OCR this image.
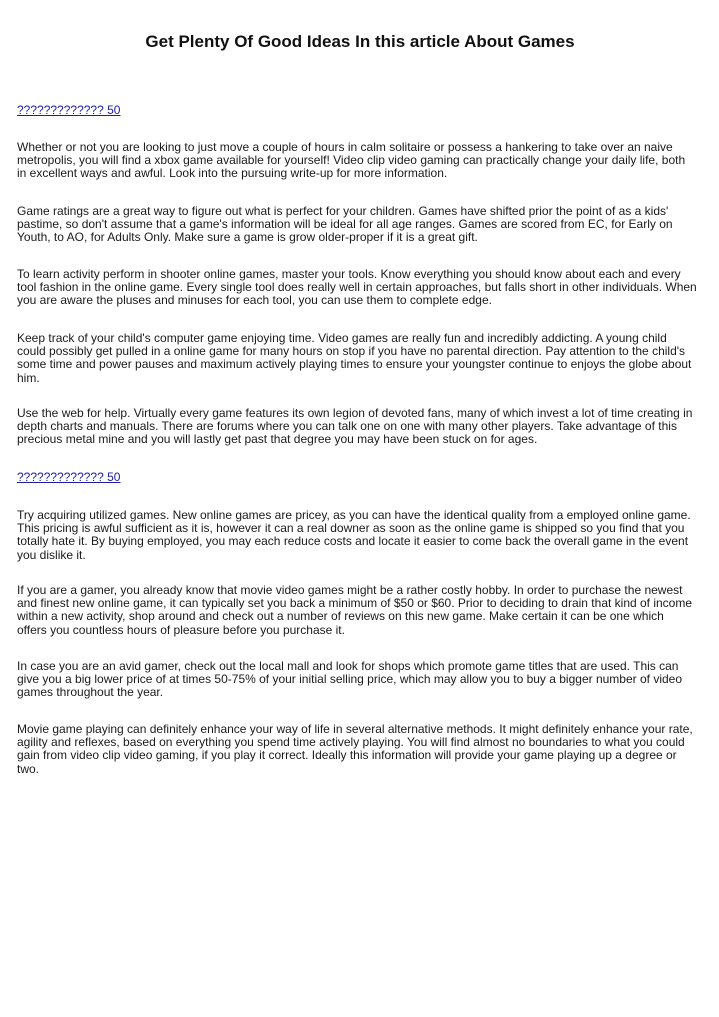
Get Plenty Of Good Ideas In this article About Games
????????????? 50

Whether or not you are looking to just move a couple of hours in calm solitaire or possess a hankering to take over an naive
metropolis, you will find a xbox game available for yourself! Video clip video gaming can practically change your daily life, both
in excellent ways and awful. Look into the pursuing write-up for more information.

Game ratings are a great way to figure out what is perfect for your children. Games have shifted prior the point of as a kids'
pastime, so don't assume that a game's information will be ideal for all age ranges. Games are scored from EC, for Early on
Youth, to AO, for Adults Only. Make sure a game is grow older-proper if it is a great gift.

To learn activity perform in shooter online games, master your tools. Know everything you should know about each and every
tool fashion in the online game. Every single tool does really well in certain approaches, but falls short in other individuals. When
you are aware the pluses and minuses for each tool, you can use them to complete edge.

Keep track of your child's computer game enjoying time. Video games are really fun and incredibly addicting. A young child
could possibly get pulled in a online game for many hours on stop if you have no parental direction. Pay attention to the child's
some time and power pauses and maximum actively playing times to ensure your youngster continue to enjoys the globe about
him.

Use the web for help. Virtually every game features its own legion of devoted fans, many of which invest a lot of time creating in
depth charts and manuals. There are forums where you can talk one on one with many other players. Take advantage of this
precious metal mine and you will lastly get past that degree you may have been stuck on for ages.

????????????? 50

Try acquiring utilized games. New online games are pricey, as you can have the identical quality from a employed online game.
This pricing is awful sufficient as it is, however it can a real downer as soon as the online game is shipped so you find that you
totally hate it. By buying employed, you may each reduce costs and locate it easier to come back the overall game in the event
you dislike it.

If you are a gamer, you already know that movie video games might be a rather costly hobby. In order to purchase the newest
and finest new online game, it can typically set you back a minimum of $50 or $60. Prior to deciding to drain that kind of income
within a new activity, shop around and check out a number of reviews on this new game. Make certain it can be one which
offers you countless hours of pleasure before you purchase it.

In case you are an avid gamer, check out the local mall and look for shops which promote game titles that are used. This can
give you a big lower price of at times 50-75% of your initial selling price, which may allow you to buy a bigger number of video
games throughout the year.

Movie game playing can definitely enhance your way of life in several alternative methods. It might definitely enhance your rate,
agility and reflexes, based on everything you spend time actively playing. You will find almost no boundaries to what you could
gain from video clip video gaming, if you play it correct. Ideally this information will provide your game playing up a degree or
two.
